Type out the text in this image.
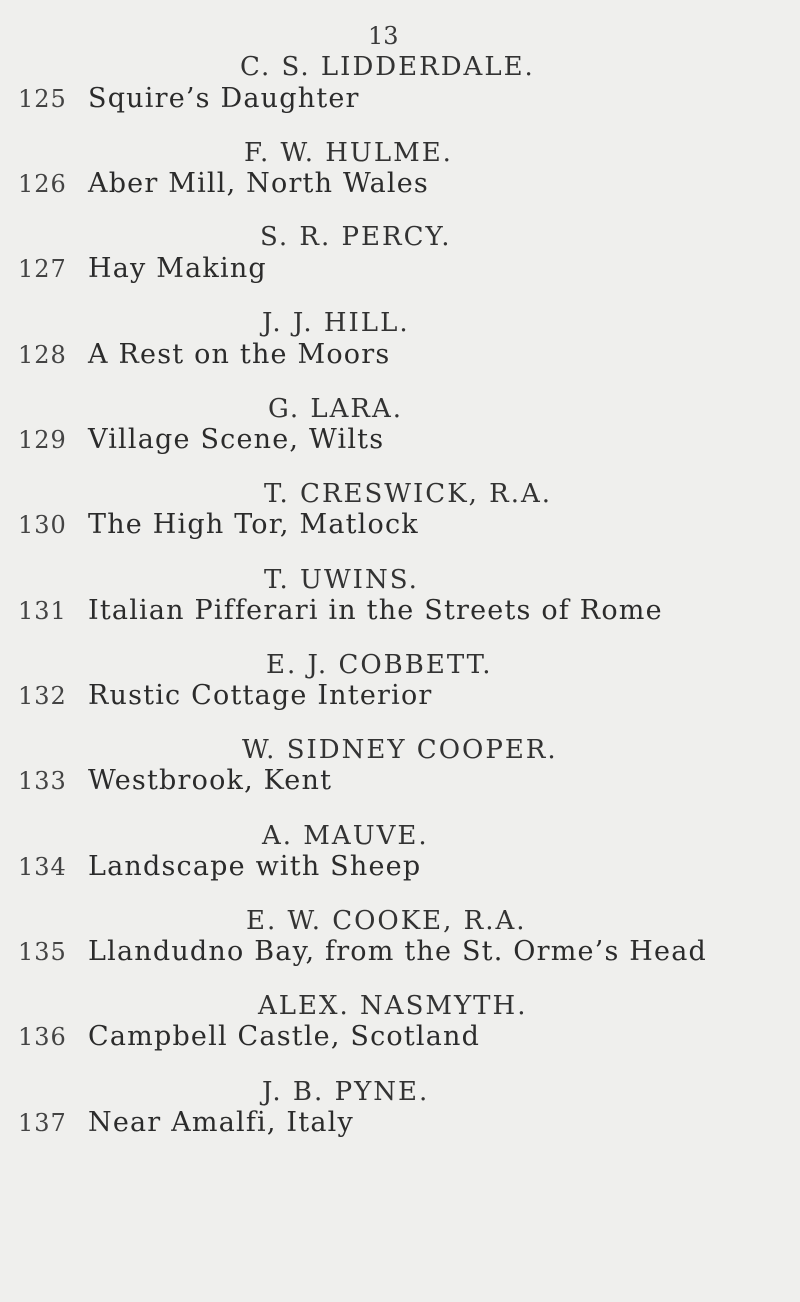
13
C. S. LIDDERDALE.
125 Squire’s Daughter
F. W. HULME.
126 Aber Mill, North Wales
S. R. PERCY.
127 Hay Making
J. J. HILL.
128 A Rest on the Moors
G. LARA.
129 Village Scene, Wilts
T. CRESWICK, R.A.
130 The High Tor, Matlock
T. UWINS.
131 Italian Pifferari in the Streets of Rome
E. J. COBBETT.
132 Rustic Cottage Interior
W. SIDNEY COOPER.
133 Westbrook, Kent
A. MAUVE.
134 Landscape with Sheep
E. W. COOKE, R.A.
135 Llandudno Bay, from the St. Orme’s Head
ALEX. NASMYTH.
136 Campbell Castle, Scotland
J. B. PYNE.
137 Near Amalfi, Italy
